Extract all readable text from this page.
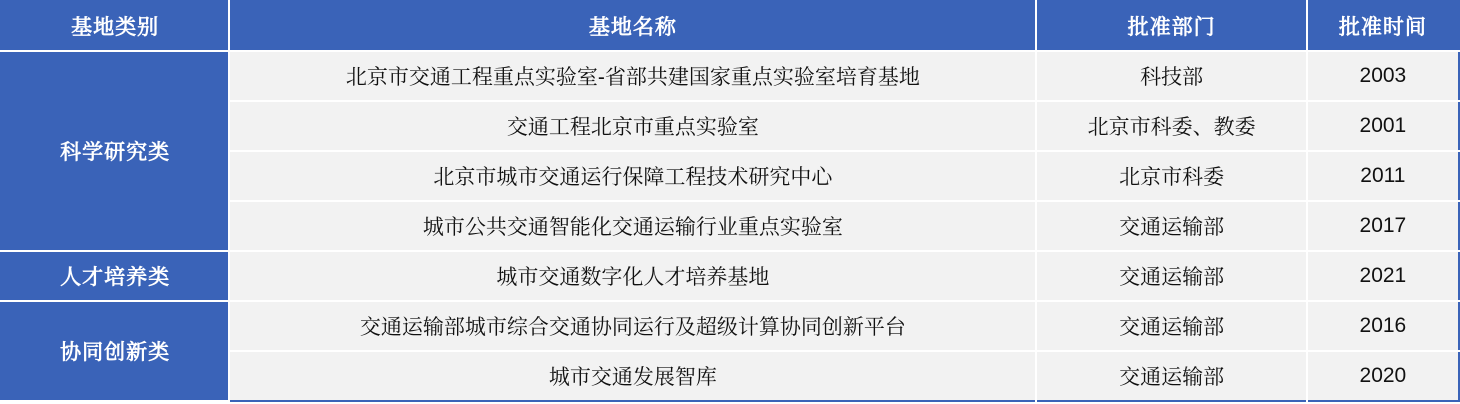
基地类别	基地名称	批准部门	批准时间
科学研究类	北京市交通工程重点实验室-省部共建国家重点实验室培育基地	科技部	2003
	交通工程北京市重点实验室	北京市科委、教委	2001
	北京市城市交通运行保障工程技术研究中心	北京市科委	2011
	城市公共交通智能化交通运输行业重点实验室	交通运输部	2017
人才培养类	城市交通数字化人才培养基地	交通运输部	2021
协同创新类	交通运输部城市综合交通协同运行及超级计算协同创新平台	交通运输部	2016
	城市交通发展智库	交通运输部	2020
